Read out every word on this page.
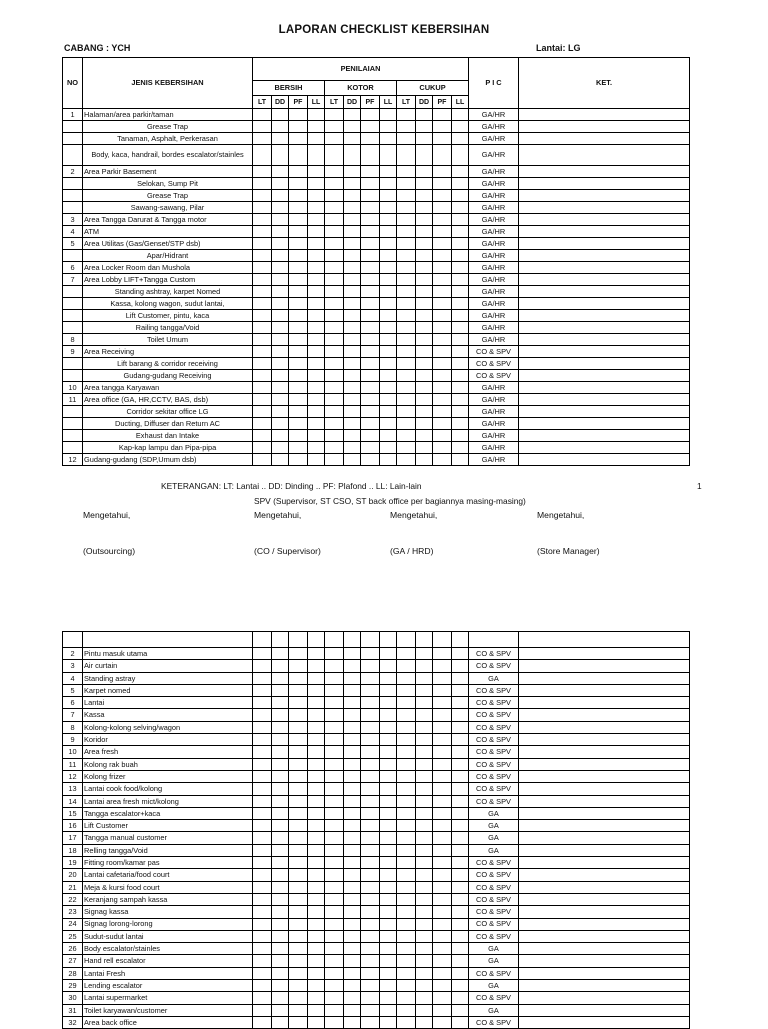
LAPORAN CHECKLIST KEBERSIHAN
CABANG : YCH	Lantai: LG
NO	JENIS KEBERSIHAN	PENILAIAN												P I C	KET.
		BERSIH				KOTOR				CUKUP					
		LT	DD	PF	LL	LT	DD	PF	LL	LT	DD	PF	LL		
1	Halaman/area parkir/taman													GA/HR	
	Grease Trap													GA/HR	
	Tanaman, Asphalt, Perkerasan													GA/HR	
	Body, kaca, handrail, bordes escalator/stainles													GA/HR	
2	Area Parkir Basement													GA/HR	
	Selokan, Sump Pit													GA/HR	
	Grease Trap													GA/HR	
	Sawang-sawang, Pilar													GA/HR	
3	Area Tangga Darurat & Tangga motor													GA/HR	
4	ATM													GA/HR	
5	Area Utilitas (Gas/Genset/STP dsb)													GA/HR	
	Apar/Hidrant													GA/HR	
6	Area Locker Room dan Mushola													GA/HR	
7	Area Lobby LIFT+Tangga Custom													GA/HR	
	Standing ashtray, karpet Nomed													GA/HR	
	Kassa, kolong wagon, sudut lantai,													GA/HR	
	Lift Customer, pintu, kaca													GA/HR	
	Railing tangga/Void													GA/HR	
8	Toilet Umum													GA/HR	
9	Area Receiving													CO & SPV	
	Lift barang & corridor receiving													CO & SPV	
	Gudang-gudang Receiving													CO & SPV	
10	Area tangga Karyawan													GA/HR	
11	Area office (GA, HR,CCTV, BAS, dsb)													GA/HR	
	Corridor sekitar office LG													GA/HR	
	Ducting, Diffuser dan Return AC													GA/HR	
	Exhaust dan Intake													GA/HR	
	Kap-kap lampu dan Pipa-pipa													GA/HR	
12	Gudang-gudang (SDP,Umum dsb)													GA/HR	
KETERANGAN: LT: Lantai .. DD: Dinding .. PF: Plafond .. LL: Lain-lain	1
SPV (Supervisor, ST CSO, ST back office per bagiannya masing-masing)
Mengetahui,	Mengetahui,	Mengetahui,	Mengetahui,
(Outsourcing)	(CO / Supervisor)	(GA / HRD)	(Store Manager)

2	Pintu masuk utama													CO & SPV	
3	Air curtain													CO & SPV	
4	Standing astray													GA	
5	Karpet nomed													CO & SPV	
6	Lantai													CO & SPV	
7	Kassa													CO & SPV	
8	Kolong-kolong selving/wagon													CO & SPV	
9	Koridor													CO & SPV	
10	Area fresh													CO & SPV	
11	Kolong rak buah													CO & SPV	
12	Kolong frizer													CO & SPV	
13	Lantai cook food/kolong													CO & SPV	
14	Lantai area fresh mict/kolong													CO & SPV	
15	Tangga escalator+kaca													GA	
16	Lift Customer													GA	
17	Tangga manual customer													GA	
18	Relling tangga/Void													GA	
19	Fitting room/kamar pas													CO & SPV	
20	Lantai cafetaria/food court													CO & SPV	
21	Meja & kursi food court													CO & SPV	
22	Keranjang sampah kassa													CO & SPV	
23	Signag kassa													CO & SPV	
24	Signag lorong-lorong													CO & SPV	
25	Sudut-sudut lantai													CO & SPV	
26	Body escalator/stainles													GA	
27	Hand rell escalator													GA	
28	Lantai Fresh													CO & SPV	
29	Lending escalator													GA	
30	Lantai supermarket													CO & SPV	
31	Toilet karyawan/customer													GA	
32	Area back office													CO & SPV	
